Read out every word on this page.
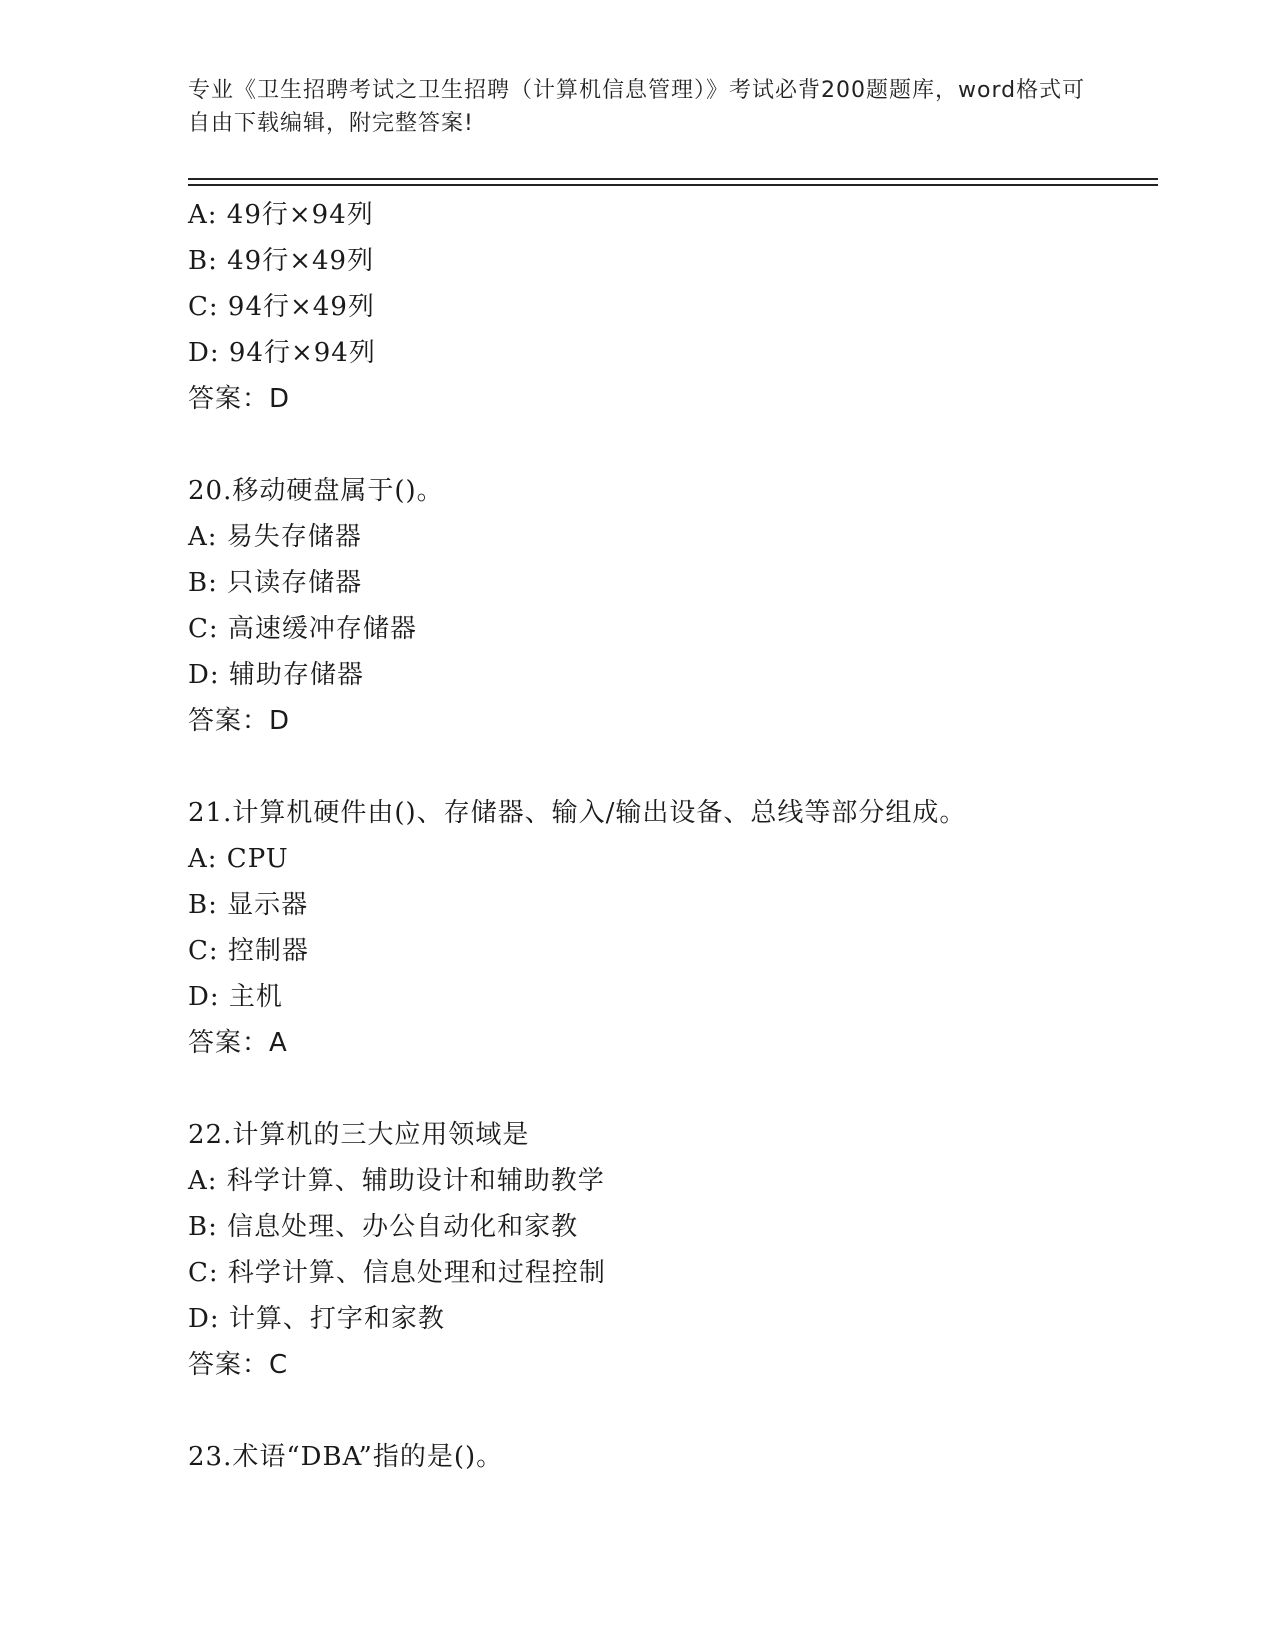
专业《卫生招聘考试之卫生招聘（计算机信息管理）》考试必背200题题库，word格式可自由下载编辑，附完整答案!
A: 49行×94列
B: 49行×49列
C: 94行×49列
D: 94行×94列
答案：D
20.移动硬盘属于()。
A: 易失存储器
B: 只读存储器
C: 高速缓冲存储器
D: 辅助存储器
答案：D
21.计算机硬件由()、存储器、输入/输出设备、总线等部分组成。
A: CPU
B: 显示器
C: 控制器
D: 主机
答案：A
22.计算机的三大应用领域是
A: 科学计算、辅助设计和辅助教学
B: 信息处理、办公自动化和家教
C: 科学计算、信息处理和过程控制
D: 计算、打字和家教
答案：C
23.术语“DBA”指的是()。
